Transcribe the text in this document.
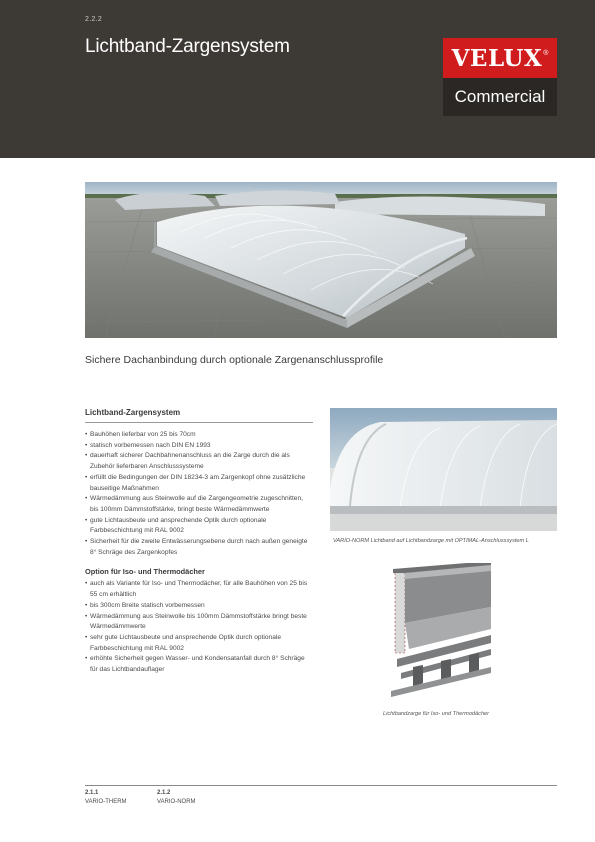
2.2.2
Lichtband-Zargensystem	VELUX ®
Commercial
Sichere Dachanbindung durch optionale Zargenanschlussprofile
Lichtband-Zargensystem
• Bauhöhen lieferbar von 25 bis 70cm
• statisch vorbemessen nach DIN EN 1993
• dauerhaft sicherer Dachbahnenanschluss an die Zarge durch die als Zubehör lieferbaren Anschlusssysteme
• erfüllt die Bedingungen der DIN 18234-3 am Zargenkopf ohne zusätzliche bauseitige Maßnahmen
• Wärmedämmung aus Steinwolle auf die Zargengeometrie zugeschnitten, bis 100mm Dämmstoffstärke, bringt beste Wärmedämmwerte
• gute Lichtausbeute und ansprechende Optik durch optionale Farbbeschichtung mit RAL 9002
• Sicherheit für die zweite Entwässerungsebene durch nach außen geneigte 8° Schräge des Zargenkopfes
Option für Iso- und Thermodächer
• auch als Variante für Iso- und Thermodächer, für alle Bauhöhen von 25 bis 55 cm erhältlich
• bis 300cm Breite statisch vorbemessen
• Wärmedämmung aus Steinwolle bis 100mm Dämmstoffstärke bringt beste Wärmedämmwerte
• sehr gute Lichtausbeute und ansprechende Optik durch optionale Farbbeschichtung mit RAL 9002
• erhöhte Sicherheit gegen Wasser- und Kondensatanfall durch 8° Schräge für das Lichtbandauflager
VARIO-NORM Lichtband auf Lichtbandzarge mit OPTIMAL-Anschlusssystem L
Lichtbandzarge für Iso- und Thermodächer
2.1.1
VARIO-THERM
2.1.2
VARIO-NORM
